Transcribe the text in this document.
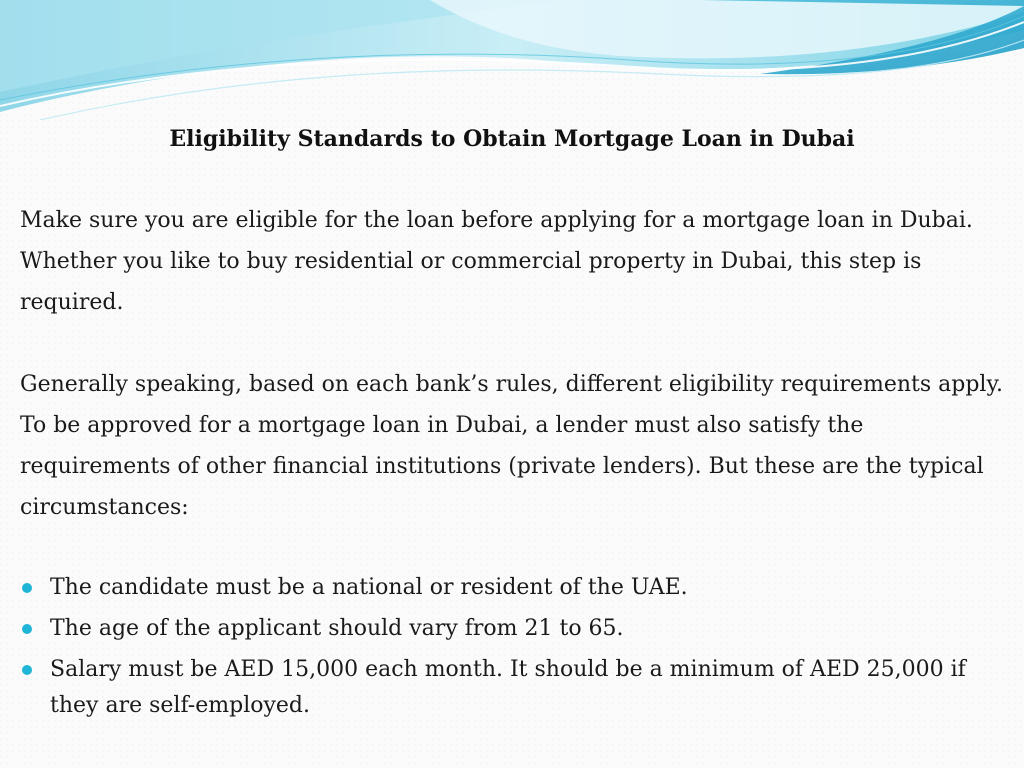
Eligibility Standards to Obtain Mortgage Loan in Dubai

Make sure you are eligible for the loan before applying for a mortgage loan in Dubai. Whether you like to buy residential or commercial property in Dubai, this step is required.

Generally speaking, based on each bank’s rules, different eligibility requirements apply. To be approved for a mortgage loan in Dubai, a lender must also satisfy the requirements of other financial institutions (private lenders). But these are the typical circumstances:

The candidate must be a national or resident of the UAE.
The age of the applicant should vary from 21 to 65.
Salary must be AED 15,000 each month. It should be a minimum of AED 25,000 if they are self-employed.
